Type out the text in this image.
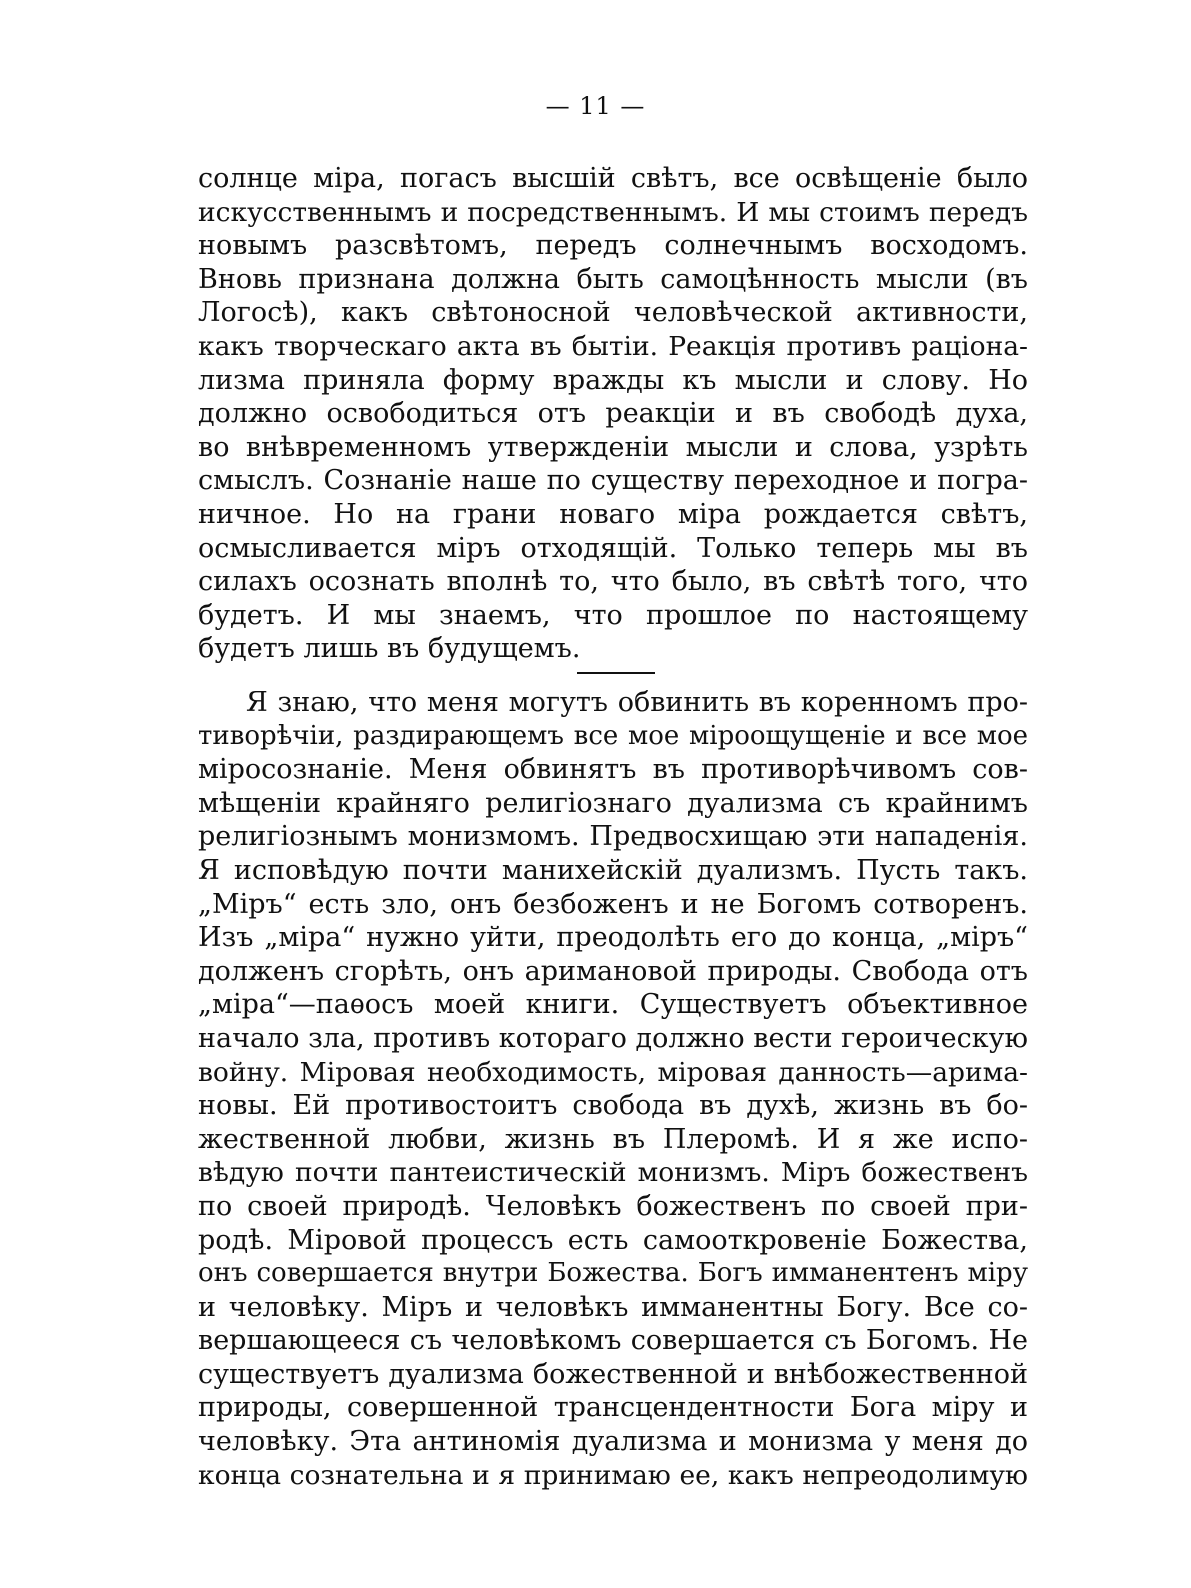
— 11 —
солнце міра, погасъ высшій свѣтъ, все освѣщеніе было
искусственнымъ и посредственнымъ. И мы стоимъ передъ
новымъ разсвѣтомъ, передъ солнечнымъ восходомъ.
Вновь признана должна быть самоцѣнность мысли (въ
Логосѣ), какъ свѣтоносной человѣческой активности,
какъ творческаго акта въ бытіи. Реакція противъ раціона-
лизма приняла форму вражды къ мысли и слову. Но
должно освободиться отъ реакціи и въ свободѣ духа,
во внѣвременномъ утвержденіи мысли и слова, узрѣть
смыслъ. Сознаніе наше по существу переходное и погра-
ничное. Но на грани новаго міра рождается свѣтъ,
осмысливается міръ отходящій. Только теперь мы въ
силахъ осознать вполнѣ то, что было, въ свѣтѣ того, что
будетъ. И мы знаемъ, что прошлое по настоящему
будетъ лишь въ будущемъ.
Я знаю, что меня могутъ обвинить въ коренномъ про-
тиворѣчіи, раздирающемъ все мое міроощущеніе и все мое
міросознаніе. Меня обвинятъ въ противорѣчивомъ сов-
мѣщеніи крайняго религіознаго дуализма съ крайнимъ
религіознымъ монизмомъ. Предвосхищаю эти нападенія.
Я исповѣдую почти манихейскій дуализмъ. Пусть такъ.
„Міръ“ есть зло, онъ безбоженъ и не Богомъ сотворенъ.
Изъ „міра“ нужно уйти, преодолѣть его до конца, „міръ“
долженъ сгорѣть, онъ аримановой природы. Свобода отъ
„міра“—паѳосъ моей книги. Существуетъ объективное
начало зла, противъ котораго должно вести героическую
войну. Міровая необходимость, міровая данность—арима-
новы. Ей противостоитъ свобода въ духѣ, жизнь въ бо-
жественной любви, жизнь въ Плеромѣ. И я же испо-
вѣдую почти пантеистическій монизмъ. Міръ божественъ
по своей природѣ. Человѣкъ божественъ по своей при-
родѣ. Міровой процессъ есть самооткровеніе Божества,
онъ совершается внутри Божества. Богъ имманентенъ міру
и человѣку. Міръ и человѣкъ имманентны Богу. Все со-
вершающееся съ человѣкомъ совершается съ Богомъ. Не
существуетъ дуализма божественной и внѣбожественной
природы, совершенной трансцендентности Бога міру и
человѣку. Эта антиномія дуализма и монизма у меня до
конца сознательна и я принимаю ее, какъ непреодолимую
